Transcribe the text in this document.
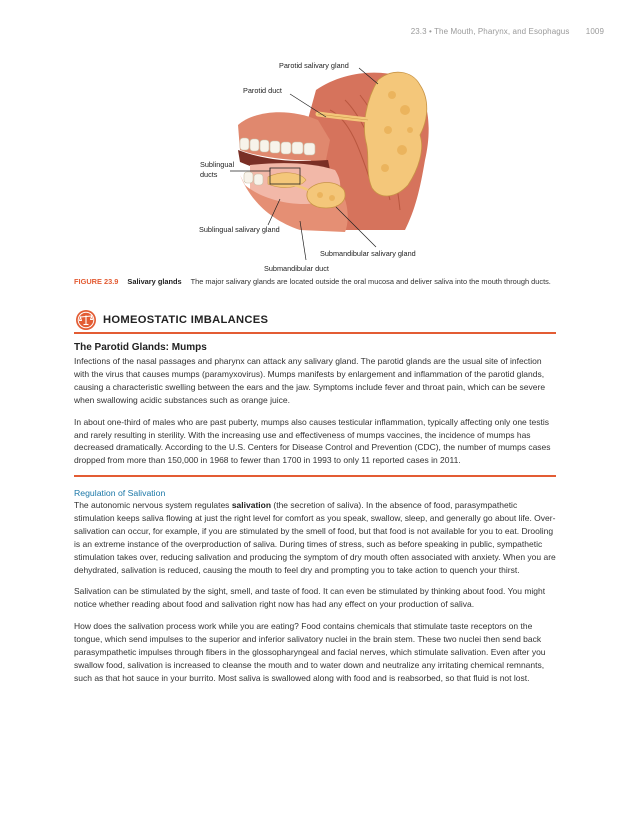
23.3 • The Mouth, Pharynx, and Esophagus 1009
Parotid salivary gland
Parotid duct
Sublingual
ducts
Sublingual salivary gland
Submandibular salivary gland
Submandibular duct
FIGURE 23.9 Salivary glands The major salivary glands are located outside the oral mucosa and deliver saliva into the mouth through ducts.
HOMEOSTATIC IMBALANCES
The Parotid Glands: Mumps

Infections of the nasal passages and pharynx can attack any salivary gland. The parotid glands are the usual site of infection with the virus that causes mumps (paramyxovirus). Mumps manifests by enlargement and inflammation of the parotid glands, causing a characteristic swelling between the ears and the jaw. Symptoms include fever and throat pain, which can be severe when swallowing acidic substances such as orange juice.

In about one-third of males who are past puberty, mumps also causes testicular inflammation, typically affecting only one testis and rarely resulting in sterility. With the increasing use and effectiveness of mumps vaccines, the incidence of mumps has decreased dramatically. According to the U.S. Centers for Disease Control and Prevention (CDC), the number of mumps cases dropped from more than 150,000 in 1968 to fewer than 1700 in 1993 to only 11 reported cases in 2011.

Regulation of Salivation

The autonomic nervous system regulates salivation (the secretion of saliva). In the absence of food, parasympathetic stimulation keeps saliva flowing at just the right level for comfort as you speak, swallow, sleep, and generally go about life. Over-salivation can occur, for example, if you are stimulated by the smell of food, but that food is not available for you to eat. Drooling is an extreme instance of the overproduction of saliva. During times of stress, such as before speaking in public, sympathetic stimulation takes over, reducing salivation and producing the symptom of dry mouth often associated with anxiety. When you are dehydrated, salivation is reduced, causing the mouth to feel dry and prompting you to take action to quench your thirst.

Salivation can be stimulated by the sight, smell, and taste of food. It can even be stimulated by thinking about food. You might notice whether reading about food and salivation right now has had any effect on your production of saliva.

How does the salivation process work while you are eating? Food contains chemicals that stimulate taste receptors on the tongue, which send impulses to the superior and inferior salivatory nuclei in the brain stem. These two nuclei then send back parasympathetic impulses through fibers in the glossopharyngeal and facial nerves, which stimulate salivation. Even after you swallow food, salivation is increased to cleanse the mouth and to water down and neutralize any irritating chemical remnants, such as that hot sauce in your burrito. Most saliva is swallowed along with food and is reabsorbed, so that fluid is not lost.
